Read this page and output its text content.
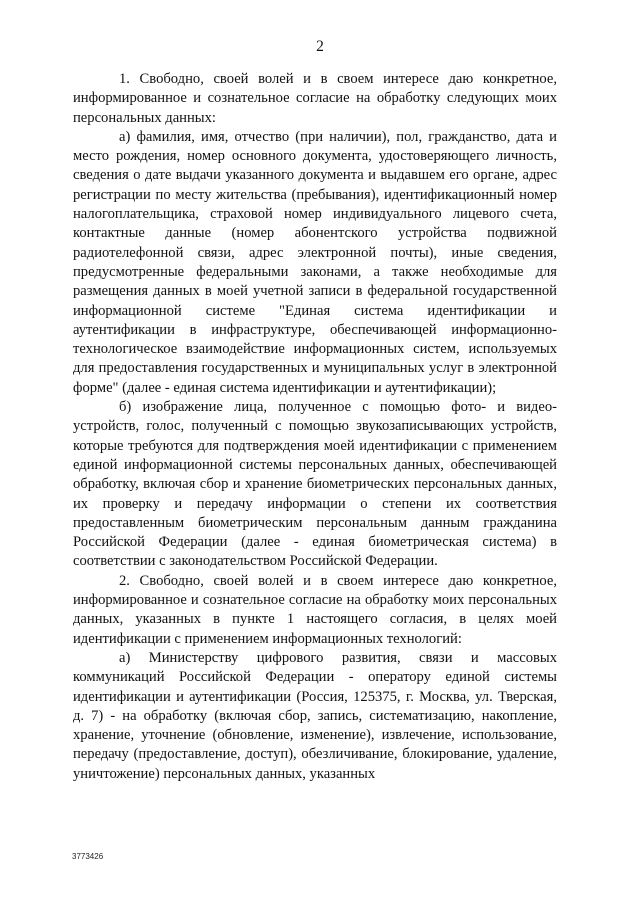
2

1. Свободно, своей волей и в своем интересе даю конкретное, информированное и сознательное согласие на обработку следующих моих персональных данных:

а) фамилия, имя, отчество (при наличии), пол, гражданство, дата и место рождения, номер основного документа, удостоверяющего личность, сведения о дате выдачи указанного документа и выдавшем его органе, адрес регистрации по месту жительства (пребывания), идентификационный номер налогоплательщика, страховой номер индивидуального лицевого счета, контактные данные (номер абонентского устройства подвижной радиотелефонной связи, адрес электронной почты), иные сведения, предусмотренные федеральными законами, а также необходимые для размещения данных в моей учетной записи в федеральной государственной информационной системе "Единая система идентификации и аутентификации в инфраструктуре, обеспечивающей информационно-технологическое взаимодействие информационных систем, используемых для предоставления государственных и муниципальных услуг в электронной форме" (далее - единая система идентификации и аутентификации);

б) изображение лица, полученное с помощью фото- и видео-устройств, голос, полученный с помощью звукозаписывающих устройств, которые требуются для подтверждения моей идентификации с применением единой информационной системы персональных данных, обеспечивающей обработку, включая сбор и хранение биометрических персональных данных, их проверку и передачу информации о степени их соответствия предоставленным биометрическим персональным данным гражданина Российской Федерации (далее - единая биометрическая система) в соответствии с законодательством Российской Федерации.

2. Свободно, своей волей и в своем интересе даю конкретное, информированное и сознательное согласие на обработку моих персональных данных, указанных в пункте 1 настоящего согласия, в целях моей идентификации с применением информационных технологий:

а) Министерству цифрового развития, связи и массовых коммуникаций Российской Федерации - оператору единой системы идентификации и аутентификации (Россия, 125375, г. Москва, ул. Тверская, д. 7) - на обработку (включая сбор, запись, систематизацию, накопление, хранение, уточнение (обновление, изменение), извлечение, использование, передачу (предоставление, доступ), обезличивание, блокирование, удаление, уничтожение) персональных данных, указанных

3773426
